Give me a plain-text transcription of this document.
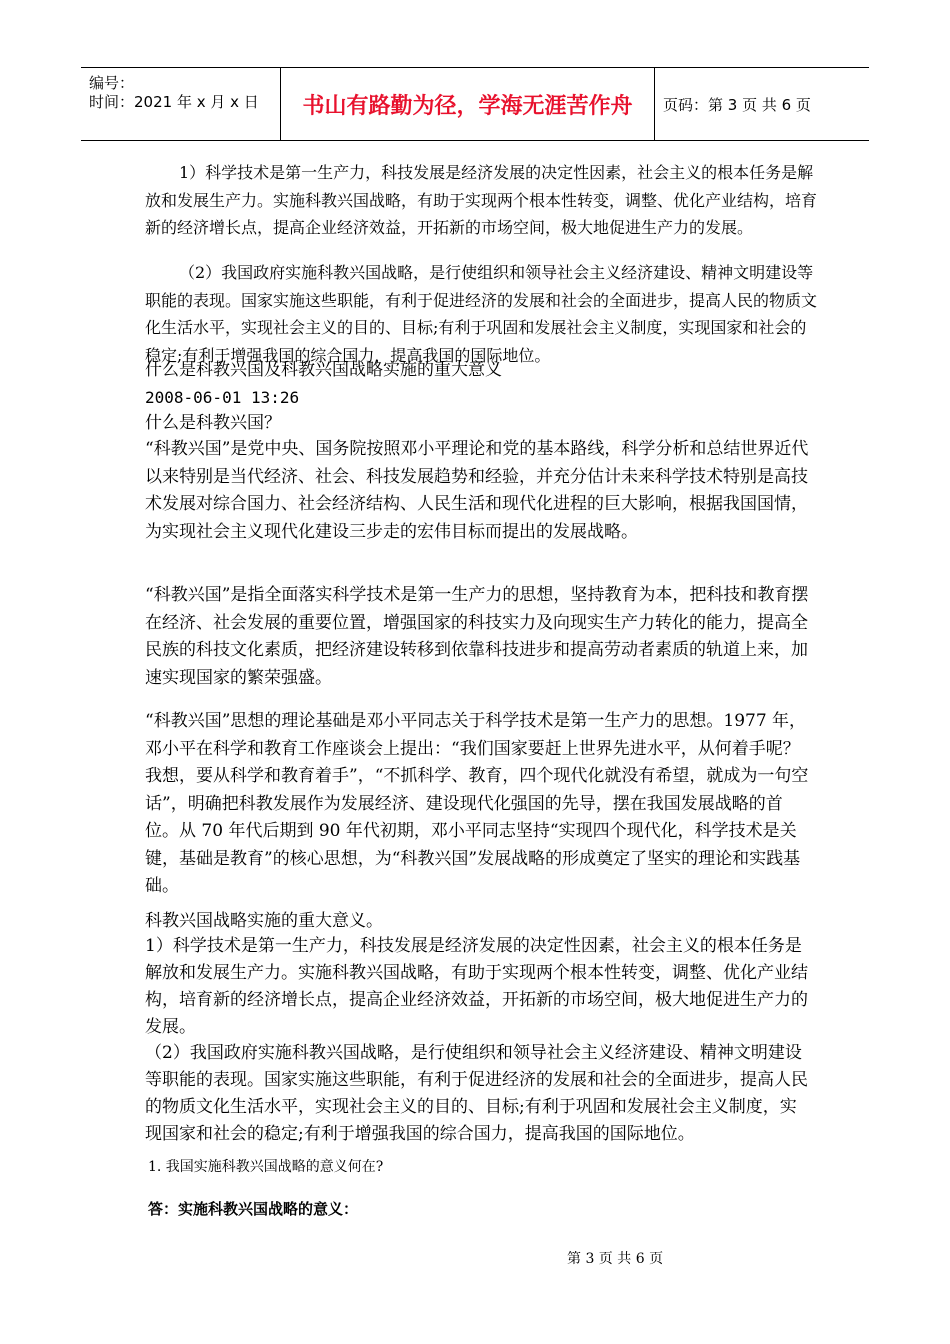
编号：
时间：2021 年 x 月 x 日	书山有路勤为径，学海无涯苦作舟	页码：第 3 页 共 6 页

1）科学技术是第一生产力，科技发展是经济发展的决定性因素，社会主义的根本任务是解放和发展生产力。实施科教兴国战略，有助于实现两个根本性转变，调整、优化产业结构，培育新的经济增长点，提高企业经济效益，开拓新的市场空间，极大地促进生产力的发展。

（2）我国政府实施科教兴国战略，是行使组织和领导社会主义经济建设、精神文明建设等职能的表现。国家实施这些职能，有利于促进经济的发展和社会的全面进步，提高人民的物质文化生活水平，实现社会主义的目的、目标;有利于巩固和发展社会主义制度，实现国家和社会的稳定;有利于增强我国的综合国力，提高我国的国际地位。

什么是科教兴国及科教兴国战略实施的重大意义
2008-06-01 13:26
什么是科教兴国？

“科教兴国”是党中央、国务院按照邓小平理论和党的基本路线，科学分析和总结世界近代以来特别是当代经济、社会、科技发展趋势和经验，并充分估计未来科学技术特别是高技术发展对综合国力、社会经济结构、人民生活和现代化进程的巨大影响，根据我国国情，为实现社会主义现代化建设三步走的宏伟目标而提出的发展战略。

“科教兴国”是指全面落实科学技术是第一生产力的思想，坚持教育为本，把科技和教育摆在经济、社会发展的重要位置，增强国家的科技实力及向现实生产力转化的能力，提高全民族的科技文化素质，把经济建设转移到依靠科技进步和提高劳动者素质的轨道上来，加速实现国家的繁荣强盛。

“科教兴国”思想的理论基础是邓小平同志关于科学技术是第一生产力的思想。1977 年，邓小平在科学和教育工作座谈会上提出：“我们国家要赶上世界先进水平，从何着手呢？我想，要从科学和教育着手”，“不抓科学、教育，四个现代化就没有希望，就成为一句空话”，明确把科教发展作为发展经济、建设现代化强国的先导，摆在我国发展战略的首位。从 70 年代后期到 90 年代初期，邓小平同志坚持“实现四个现代化，科学技术是关键，基础是教育”的核心思想，为“科教兴国”发展战略的形成奠定了坚实的理论和实践基础。

科教兴国战略实施的重大意义。

1）科学技术是第一生产力，科技发展是经济发展的决定性因素，社会主义的根本任务是解放和发展生产力。实施科教兴国战略，有助于实现两个根本性转变，调整、优化产业结构，培育新的经济增长点，提高企业经济效益，开拓新的市场空间，极大地促进生产力的发展。

（2）我国政府实施科教兴国战略，是行使组织和领导社会主义经济建设、精神文明建设等职能的表现。国家实施这些职能，有利于促进经济的发展和社会的全面进步，提高人民的物质文化生活水平，实现社会主义的目的、目标;有利于巩固和发展社会主义制度，实现国家和社会的稳定;有利于增强我国的综合国力，提高我国的国际地位。

1. 我国实施科教兴国战略的意义何在?
答：实施科教兴国战略的意义：
第 3 页 共 6 页
